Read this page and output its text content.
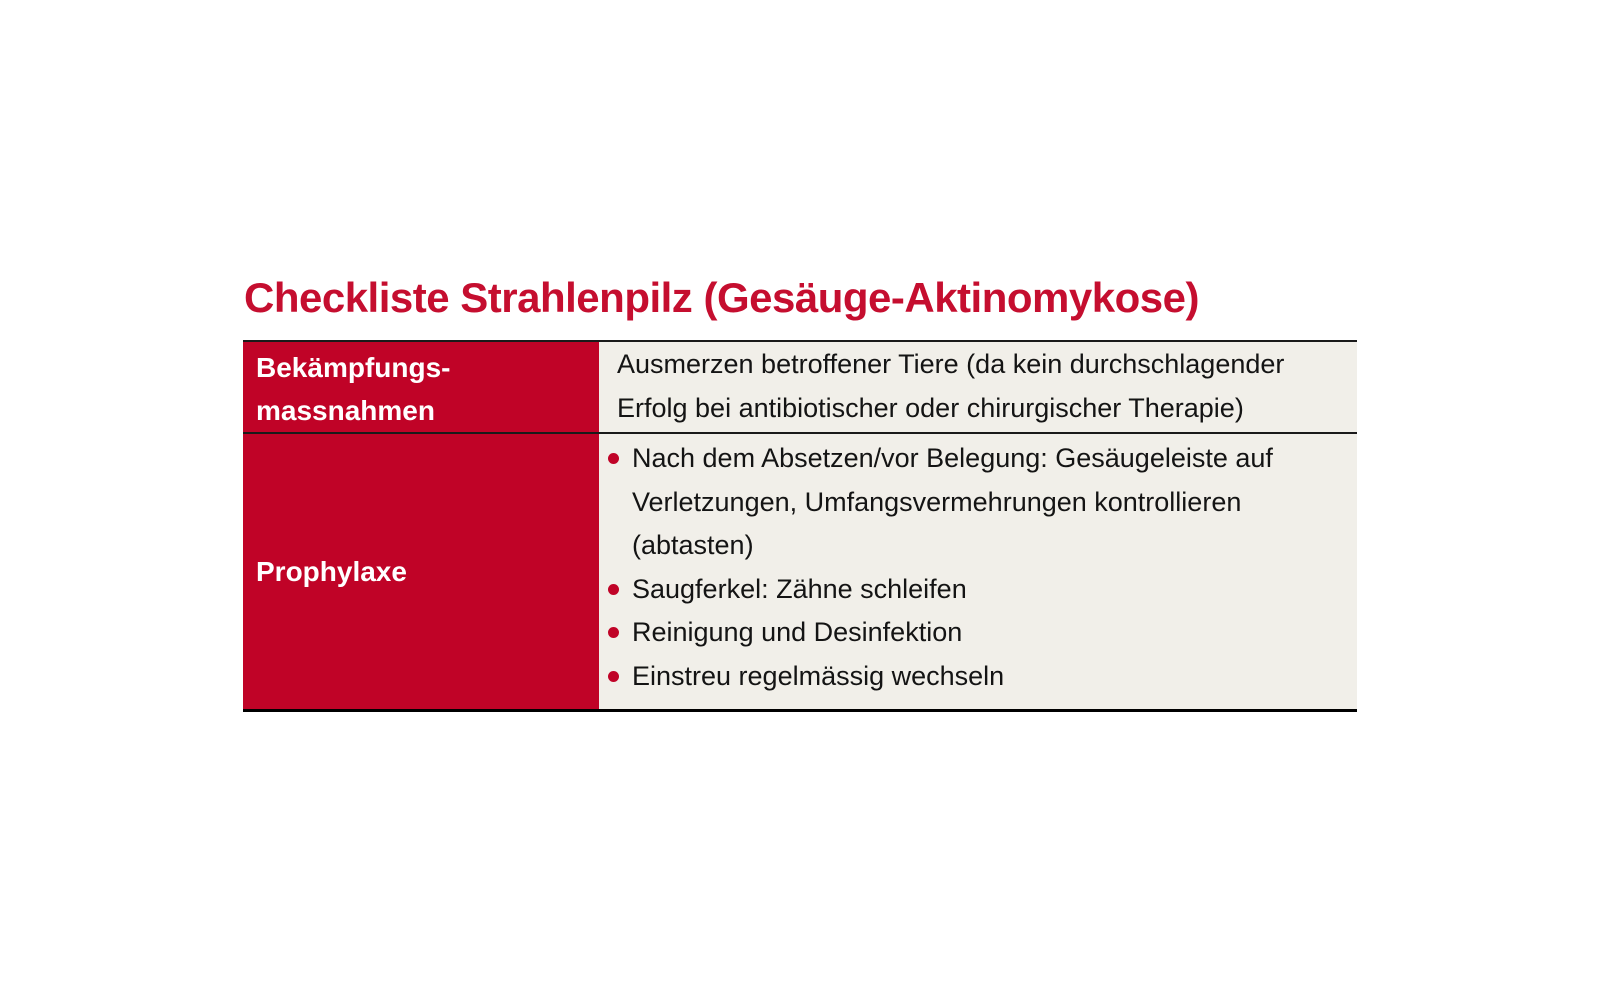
Checkliste Strahlenpilz (Gesäuge-Aktinomykose)
Bekämpfungs-
massnahmen

Ausmerzen betroffener Tiere (da kein durchschlagender Erfolg bei antibiotischer oder chirurgischer Therapie)

Prophylaxe
Nach dem Absetzen/vor Belegung: Gesäugeleiste auf Verletzungen, Umfangsvermehrungen kontrollieren (abtasten)
Saugferkel: Zähne schleifen
Reinigung und Desinfektion
Einstreu regelmässig wechseln
